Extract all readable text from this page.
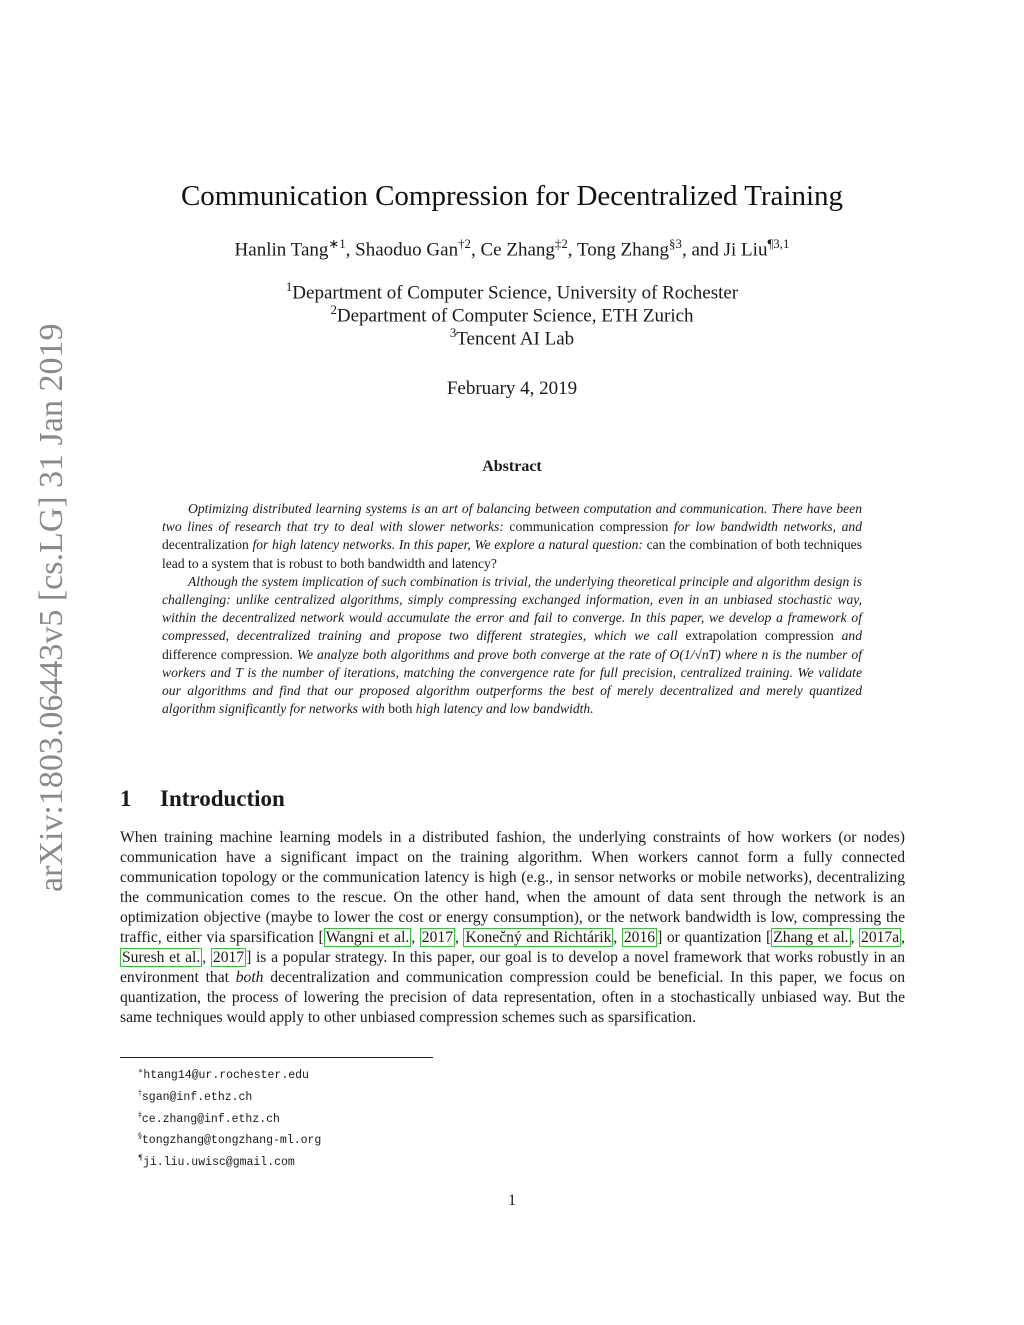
arXiv:1803.06443v5 [cs.LG] 31 Jan 2019
Communication Compression for Decentralized Training
Hanlin Tang$^{∗1}$, Shaoduo Gan$^{\dagger 2}$, Ce Zhang$^{\ddagger 2}$, Tong Zhang$^{\S 3}$, and Ji Liu$^{\P 3,1}$
$^1$Department of Computer Science, University of Rochester
$^2$Department of Computer Science, ETH Zurich
$^3$Tencent AI Lab
February 4, 2019
Abstract

Optimizing distributed learning systems is an art of balancing between computation and communication. There have been two lines of research that try to deal with slower networks: communication compression for low bandwidth networks, and decentralization for high latency networks. In this paper, We explore a natural question: can the combination of both techniques lead to a system that is robust to both bandwidth and latency?

Although the system implication of such combination is trivial, the underlying theoretical principle and algorithm design is challenging: unlike centralized algorithms, simply compressing exchanged information, even in an unbiased stochastic way, within the decentralized network would accumulate the error and fail to converge. In this paper, we develop a framework of compressed, decentralized training and propose two different strategies, which we call extrapolation compression and difference compression. We analyze both algorithms and prove both converge at the rate of O(1/√nT) where n is the number of workers and T is the number of iterations, matching the convergence rate for full precision, centralized training. We validate our algorithms and find that our proposed algorithm outperforms the best of merely decentralized and merely quantized algorithm significantly for networks with both high latency and low bandwidth.

1 Introduction
When training machine learning models in a distributed fashion, the underlying constraints of how workers (or nodes) communication have a significant impact on the training algorithm. When workers cannot form a fully connected communication topology or the communication latency is high (e.g., in sensor networks or mobile networks), decentralizing the communication comes to the rescue. On the other hand, when the amount of data sent through the network is an optimization objective (maybe to lower the cost or energy consumption), or the network bandwidth is low, compressing the traffic, either via sparsification [ Wangni et al. , 2017 , Konečný and Richtárik , 2016 ] or quantization [ Zhang et al. , 2017a , Suresh et al. , 2017 ] is a popular strategy. In this paper, our goal is to develop a novel framework that works robustly in an environment that both decentralization and communication compression could be beneficial. In this paper, we focus on quantization, the process of lowering the precision of data representation, often in a stochastically unbiased way. But the same techniques would apply to other unbiased compression schemes such as sparsification.
∗htang14@ur.rochester.edu
†sgan@inf.ethz.ch
‡ce.zhang@inf.ethz.ch
§tongzhang@tongzhang-ml.org
¶ji.liu.uwisc@gmail.com
1
